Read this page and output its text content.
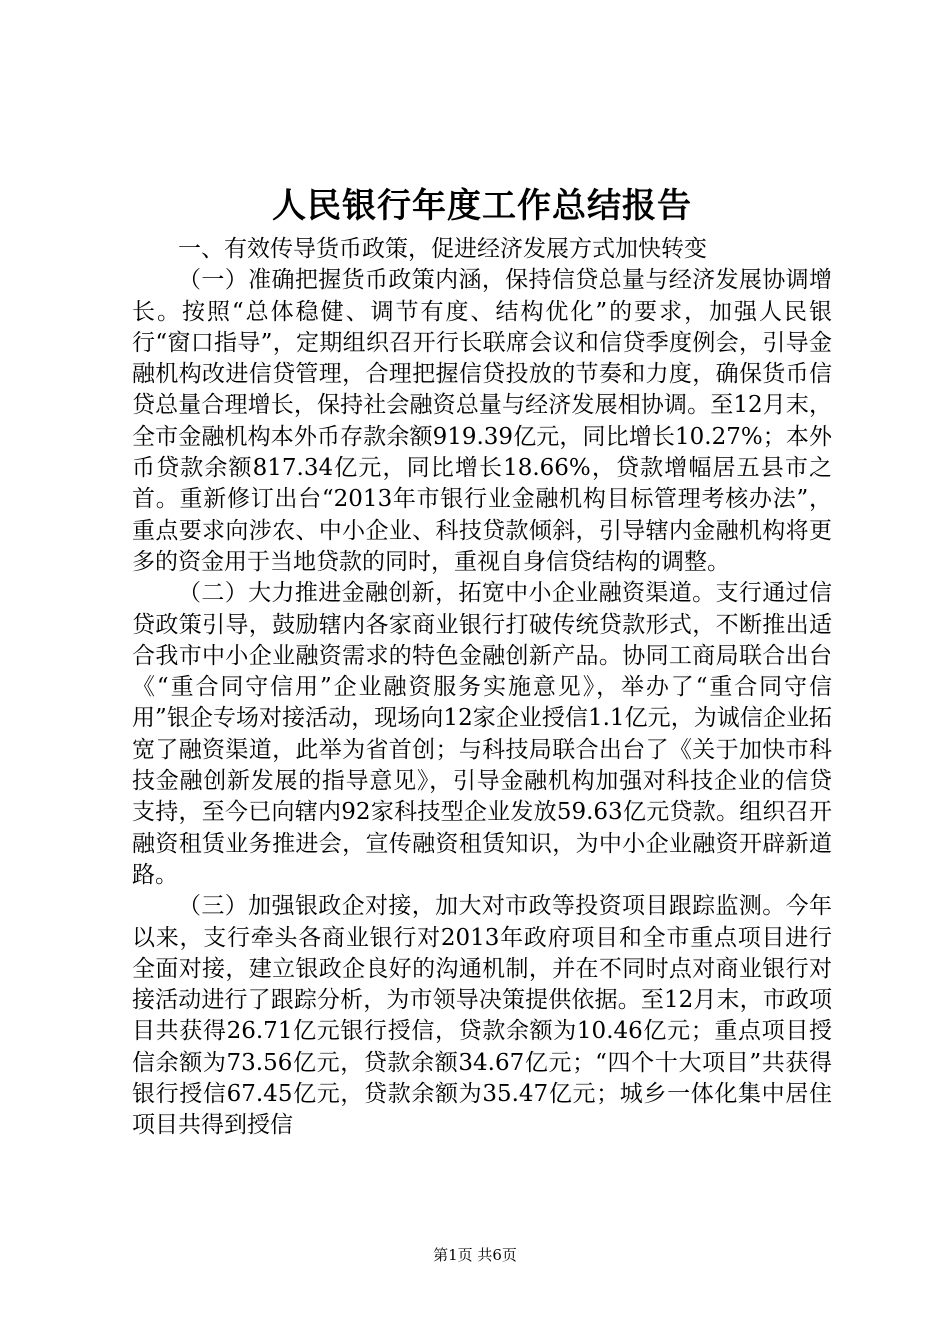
人民银行年度工作总结报告

一、有效传导货币政策，促进经济发展方式加快转变

（一）准确把握货币政策内涵，保持信贷总量与经济发展协调增长。按照“总体稳健、调节有度、结构优化”的要求，加强人民银行“窗口指导”，定期组织召开行长联席会议和信贷季度例会，引导金融机构改进信贷管理，合理把握信贷投放的节奏和力度，确保货币信贷总量合理增长，保持社会融资总量与经济发展相协调。至12月末，全市金融机构本外币存款余额919.39亿元，同比增长10.27%；本外币贷款余额817.34亿元，同比增长18.66%，贷款增幅居五县市之首。重新修订出台“2013年市银行业金融机构目标管理考核办法”，重点要求向涉农、中小企业、科技贷款倾斜，引导辖内金融机构将更多的资金用于当地贷款的同时，重视自身信贷结构的调整。

（二）大力推进金融创新，拓宽中小企业融资渠道。支行通过信贷政策引导，鼓励辖内各家商业银行打破传统贷款形式，不断推出适合我市中小企业融资需求的特色金融创新产品。协同工商局联合出台《“重合同守信用”企业融资服务实施意见》，举办了“重合同守信用”银企专场对接活动，现场向12家企业授信1.1亿元，为诚信企业拓宽了融资渠道，此举为省首创；与科技局联合出台了《关于加快市科技金融创新发展的指导意见》，引导金融机构加强对科技企业的信贷支持，至今已向辖内92家科技型企业发放59.63亿元贷款。组织召开融资租赁业务推进会，宣传融资租赁知识，为中小企业融资开辟新道路。

（三）加强银政企对接，加大对市政等投资项目跟踪监测。今年以来，支行牵头各商业银行对2013年政府项目和全市重点项目进行全面对接，建立银政企良好的沟通机制，并在不同时点对商业银行对接活动进行了跟踪分析，为市领导决策提供依据。至12月末，市政项目共获得26.71亿元银行授信，贷款余额为10.46亿元；重点项目授信余额为73.56亿元，贷款余额34.67亿元；“四个十大项目”共获得银行授信67.45亿元，贷款余额为35.47亿元；城乡一体化集中居住项目共得到授信

第1页 共6页
